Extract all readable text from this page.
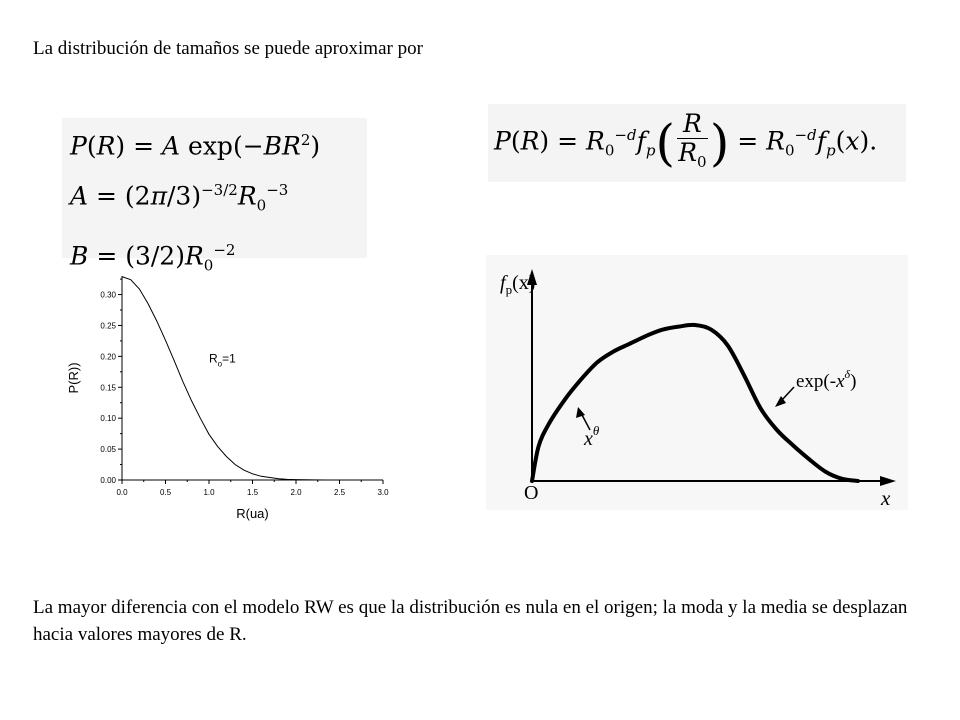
La distribución de tamaños se puede aproximar por
P(R) = A $\exp(-BR^2)$
$A = (2\pi/3)^{-3/2}R_0^{-3}$
$B = (3/2)R_0^{-2}$
$P(R) = R_0^{-d}f_p$ ( $\frac{R}{R_0}$ ) = $R_0^{-d}f_p(x)$.
0.0	0.5	1.0	1.5	2.0	2.5	3.0
0.00
0.05
0.10
0.15
0.20
0.25
0.30
R(ua)
P(R))
$R_o=1$
$f_p(x)$
O	x
$x^\theta$
$\exp(-x^\delta)$
La mayor diferencia con el modelo RW es que la distribución es nula en el origen; la moda y la media se desplazan hacia valores mayores de R.
